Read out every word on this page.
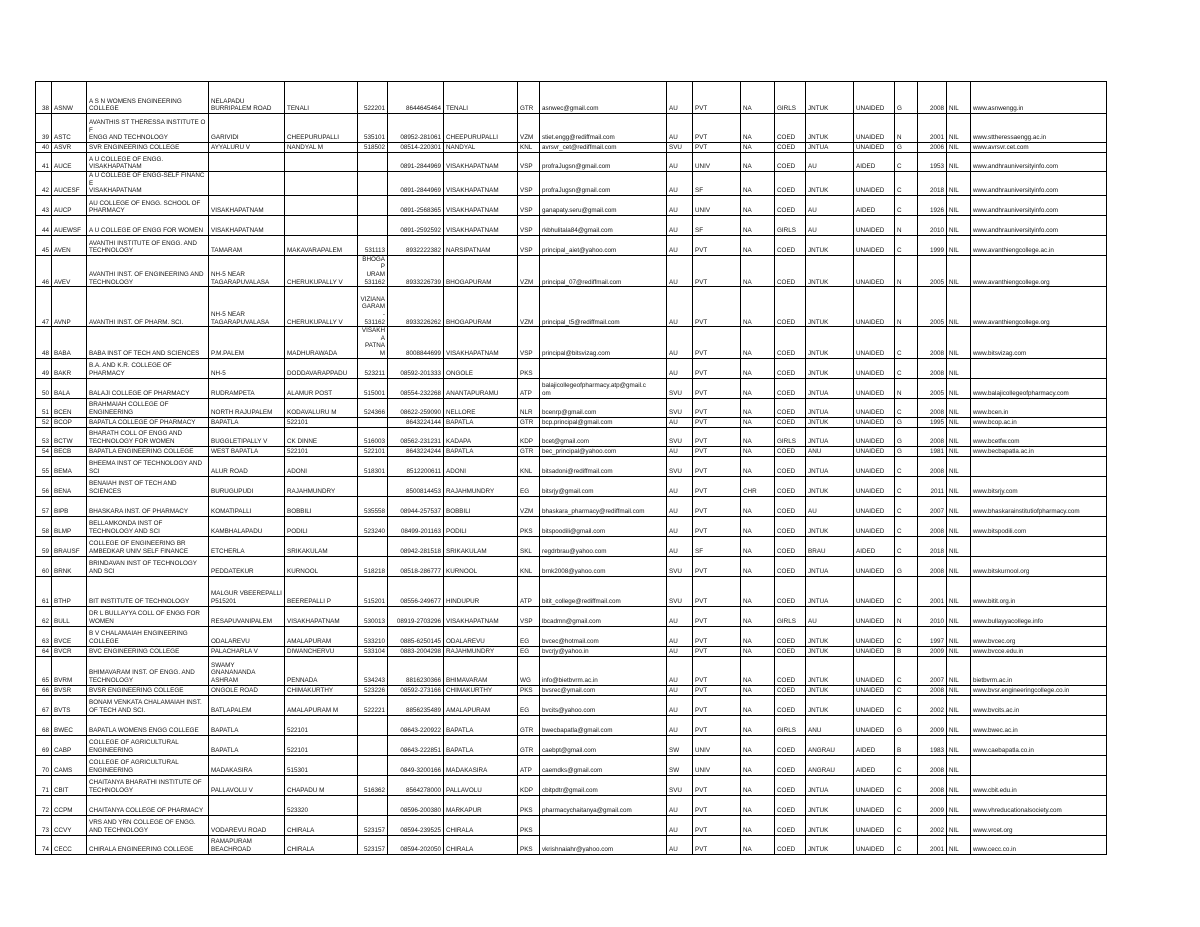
38	ASNW	A S N WOMENS ENGINEERING
COLLEGE	NELAPADU
BURRIPALEM ROAD	TENALI	522201	8644645464	TENALI	GTR	asnwec@gmail.com	AU	PVT	NA	GIRLS	JNTUK	UNAIDED	G	2008	NIL	www.asnwengg.in
39	ASTC	AVANTHIS ST THERESSA INSTITUTE OF
ENGG AND TECHNOLOGY	GARIVIDI	CHEEPURUPALLI	535101	08952-281061	CHEEPURUPALLI	VZM	stiet.engg@rediffmail.com	AU	PVT	NA	COED	JNTUK	UNAIDED	N	2001	NIL	www.sttheressaengg.ac.in
40	ASVR	SVR ENGINEERING COLLEGE	AYYALURU V	NANDYAL M	518502	08514-220301	NANDYAL	KNL	avrsvr_cet@rediffmail.com	SVU	PVT	NA	COED	JNTUA	UNAIDED	G	2006	NIL	www.avrsvr.cet.com
41	AUCE	A U COLLEGE OF ENGG.
VISAKHAPATNAM				0891-2844969	VISAKHAPATNAM	VSP	profraJugsn@gmail.com	AU	UNIV	NA	COED	AU	AIDED	C	1953	NIL	www.andhrauniversityinfo.com
42	AUCESF	A U COLLEGE OF ENGG-SELF FINANCE
VISAKHAPATNAM				0891-2844969	VISAKHAPATNAM	VSP	profraJugsn@gmail.com	AU	SF	NA	COED	JNTUK	UNAIDED	C	2018	NIL	www.andhrauniversityinfo.com
43	AUCP	AU COLLEGE OF ENGG. SCHOOL OF
PHARMACY	VISAKHAPATNAM			0891-2568365	VISAKHAPATNAM	VSP	ganapaty.seru@gmail.com	AU	UNIV	NA	COED	AU	AIDED	C	1926	NIL	www.andhrauniversityinfo.com
44	AUEWSF	A U COLLEGE OF ENGG FOR WOMEN	VISAKHAPATNAM			0891-2592592	VISAKHAPATNAM	VSP	rkbhulitala84@gmail.com	AU	SF	NA	GIRLS	AU	UNAIDED	N	2010	NIL	www.andhrauniversityinfo.com
45	AVEN	AVANTHI INSTITUTE OF ENGG. AND
TECHNOLOGY	TAMARAM	MAKAVARAPALEM	531113	8932222382	NARSIPATNAM	VSP	principal_aiet@yahoo.com	AU	PVT	NA	COED	JNTUK	UNAIDED	C	1999	NIL	www.avanthiengcollege.ac.in
46	AVEV	AVANTHI INST. OF ENGINEERING AND
TECHNOLOGY	NH-5 NEAR
TAGARAPUVALASA	CHERUKUPALLY V	BHOGAP
URAM
531162	8933226739	BHOGAPURAM	VZM	principal_07@rediffmail.com	AU	PVT	NA	COED	JNTUK	UNAIDED	N	2005	NIL	www.avanthiengcollege.org
47	AVNP	AVANTHI INST. OF PHARM. SCI.	NH-5 NEAR
TAGARAPUVALASA	CHERUKUPALLY V	VIZIANA
GARAM-
531162	8933226262	BHOGAPURAM	VZM	principal_t5@rediffmail.com	AU	PVT	NA	COED	JNTUK	UNAIDED	N	2005	NIL	www.avanthiengcollege.org
48	BABA	BABA INST OF TECH AND SCIENCES	P.M.PALEM	MADHURAWADA	VISAKHA
PATNAM	8008844699	VISAKHAPATNAM	VSP	principal@bitsvizag.com	AU	PVT	NA	COED	JNTUK	UNAIDED	C	2008	NIL	www.bitsvizag.com
49	BAKR	B.A. AND K.R. COLLEGE OF
PHARMACY	NH-5	DODDAVARAPPADU	523211	08592-201333	ONGOLE	PKS		AU	PVT	NA	COED	JNTUK	UNAIDED	C	2008	NIL	
50	BALA	BALAJI COLLEGE OF PHARMACY	RUDRAMPETA	ALAMUR POST	515001	08554-232268	ANANTAPURAMU	ATP	balajicollegeofpharmacy.atp@gmail.c
om	SVU	PVT	NA	COED	JNTUA	UNAIDED	N	2005	NIL	www.balajicollegeofpharmacy.com
51	BCEN	BRAHMAIAH COLLEGE OF
ENGINEERING	NORTH RAJUPALEM	KODAVALURU M	524366	08622-259090	NELLORE	NLR	bcenrp@gmail.com	SVU	PVT	NA	COED	JNTUA	UNAIDED	C	2008	NIL	www.bcen.in
52	BCOP	BAPATLA COLLEGE OF PHARMACY	BAPATLA	522101		8643224144	BAPATLA	GTR	bcp.principal@gmail.com	AU	PVT	NA	COED	JNTUK	UNAIDED	G	1995	NIL	www.bcop.ac.in
53	BCTW	BHARATH COLL OF ENGG AND
TECHNOLOGY FOR WOMEN	BUGGLETIPALLY V	CK DINNE	516003	08562-231231	KADAPA	KDP	bcet@gmail.com	SVU	PVT	NA	GIRLS	JNTUA	UNAIDED	G	2008	NIL	www.bcetfw.com
54	BECB	BAPATLA ENGINEERING COLLEGE	WEST BAPATLA	522101	522101	8643224244	BAPATLA	GTR	bec_principal@yahoo.com	AU	PVT	NA	COED	ANU	UNAIDED	G	1981	NIL	www.becbapatla.ac.in
55	BEMA	BHEEMA INST OF TECHNOLOGY AND
SCI	ALUR ROAD	ADONI	518301	8512200611	ADONI	KNL	bitsadoni@rediffmail.com	SVU	PVT	NA	COED	JNTUA	UNAIDED	C	2008	NIL	
56	BENA	BENAIAH INST OF TECH AND
SCIENCES	BURUGUPUDI	RAJAHMUNDRY		8500814453	RAJAHMUNDRY	EG	bitsrjy@gmail.com	AU	PVT	CHR	COED	JNTUK	UNAIDED	C	2011	NIL	www.bitsrjy.com
57	BIPB	BHASKARA INST. OF PHARMACY	KOMATIPALLI	BOBBILI	535558	08944-257537	BOBBILI	VZM	bhaskara_pharmacy@rediffmail.com	AU	PVT	NA	COED	AU	UNAIDED	C	2007	NIL	www.bhaskarainstitutiofpharmacy.com
58	BLMP	BELLAMKONDA INST OF
TECHNOLOGY AND SCI	KAMBHALAPADU	PODILI	523240	08499-201163	PODILI	PKS	bitspoodili@gmail.com	AU	PVT	NA	COED	JNTUK	UNAIDED	C	2008	NIL	www.bitspodili.com
59	BRAUSF	COLLEGE OF ENGINEERING BR
AMBEDKAR UNIV SELF FINANCE	ETCHERLA	SRIKAKULAM		08942-281518	SRIKAKULAM	SKL	regdrbrau@yahoo.com	AU	SF	NA	COED	BRAU	AIDED	C	2018	NIL	
60	BRNK	BRINDAVAN INST OF TECHNOLOGY
AND SCI	PEDDATEKUR	KURNOOL	518218	08518-286777	KURNOOL	KNL	brnk2008@yahoo.com	SVU	PVT	NA	COED	JNTUA	UNAIDED	G	2008	NIL	www.bitskurnool.org
61	BTHP	BIT INSTITUTE OF TECHNOLOGY	MALGUR VBEEREPALLI
P515201	BEEREPALLI P	515201	08556-249677	HINDUPUR	ATP	bitit_college@rediffmail.com	SVU	PVT	NA	COED	JNTUA	UNAIDED	C	2001	NIL	www.bitit.org.in
62	BULL	DR L BULLAYYA COLL OF ENGG FOR
WOMEN	RESAPUVANIPALEM	VISAKHAPATNAM	530013	08919-2703296	VISAKHAPATNAM	VSP	lbcadmn@gmail.com	AU	PVT	NA	GIRLS	AU	UNAIDED	N	2010	NIL	www.bullayyacollege.info
63	BVCE	B V CHALAMAIAH ENGINEERING
COLLEGE	ODALAREVU	AMALAPURAM	533210	0885-6250145	ODALAREVU	EG	bvcec@hotmail.com	AU	PVT	NA	COED	JNTUK	UNAIDED	C	1997	NIL	www.bvcec.org
64	BVCR	BVC ENGINEERING COLLEGE	PALACHARLA V	DIWANCHERVU	533104	0883-2004298	RAJAHMUNDRY	EG	bvcrjy@yahoo.in	AU	PVT	NA	COED	JNTUK	UNAIDED	B	2009	NIL	www.bvcce.edu.in
65	BVRM	BHIMAVARAM INST. OF ENGG. AND
TECHNOLOGY	SWAMY
GNANANANDA
ASHRAM	PENNADA	534243	8816230366	BHIMAVARAM	WG	info@bietbvrm.ac.in	AU	PVT	NA	COED	JNTUK	UNAIDED	C	2007	NIL	bietbvrm.ac.in
66	BVSR	BVSR ENGINEERING COLLEGE	ONGOLE ROAD	CHIMAKURTHY	523226	08592-273166	CHIMAKURTHY	PKS	bvsrec@ymail.com	AU	PVT	NA	COED	JNTUK	UNAIDED	C	2008	NIL	www.bvsr.engineeringcollege.co.in
67	BVTS	BONAM VENKATA CHALAMAIAH INST.
OF TECH AND SCI.	BATLAPALEM	AMALAPURAM M	522221	8856235489	AMALAPURAM	EG	bvcits@yahoo.com	AU	PVT	NA	COED	JNTUK	UNAIDED	C	2002	NIL	www.bvcits.ac.in
68	BWEC	BAPATLA WOMENS ENGG COLLEGE	BAPATLA	522101		08643-220922	BAPATLA	GTR	bwecbapatla@gmail.com	AU	PVT	NA	GIRLS	ANU	UNAIDED	G	2009	NIL	www.bwec.ac.in
69	CABP	COLLEGE OF AGRICULTURAL
ENGINEERING	BAPATLA	522101		08643-222851	BAPATLA	GTR	caebpt@gmail.com	SW	UNIV	NA	COED	ANGRAU	AIDED	B	1983	NIL	www.caebapatla.co.in
70	CAMS	COLLEGE OF AGRICULTURAL
ENGINEERING	MADAKASIRA	515301		0849-3200166	MADAKASIRA	ATP	caemdks@gmail.com	SW	UNIV	NA	COED	ANGRAU	AIDED	C	2008	NIL	
71	CBIT	CHAITANYA BHARATHI INSTITUTE OF
TECHNOLOGY	PALLAVOLU V	CHAPADU M	516362	8564278000	PALLAVOLU	KDP	cbitpdtr@gmail.com	SVU	PVT	NA	COED	JNTUA	UNAIDED	C	2008	NIL	www.cbit.edu.in
72	CCPM	CHAITANYA COLLEGE OF PHARMACY		523320		08596-200380	MARKAPUR	PKS	pharmacychaitanya@gmail.com	AU	PVT	NA	COED	JNTUK	UNAIDED	C	2009	NIL	www.vhreducationalsociety.com
73	CCVY	VRS AND YRN COLLEGE OF ENGG.
AND TECHNOLOGY	VODAREVU ROAD	CHIRALA	523157	08594-239525	CHIRALA	PKS		AU	PVT	NA	COED	JNTUK	UNAIDED	C	2002	NIL	www.vrcet.org
74	CECC	CHIRALA ENGINEERING COLLEGE	RAMAPURAM
BEACHROAD	CHIRALA	523157	08594-202050	CHIRALA	PKS	vkrishnaiahr@yahoo.com	AU	PVT	NA	COED	JNTUK	UNAIDED	C	2001	NIL	www.cecc.co.in
